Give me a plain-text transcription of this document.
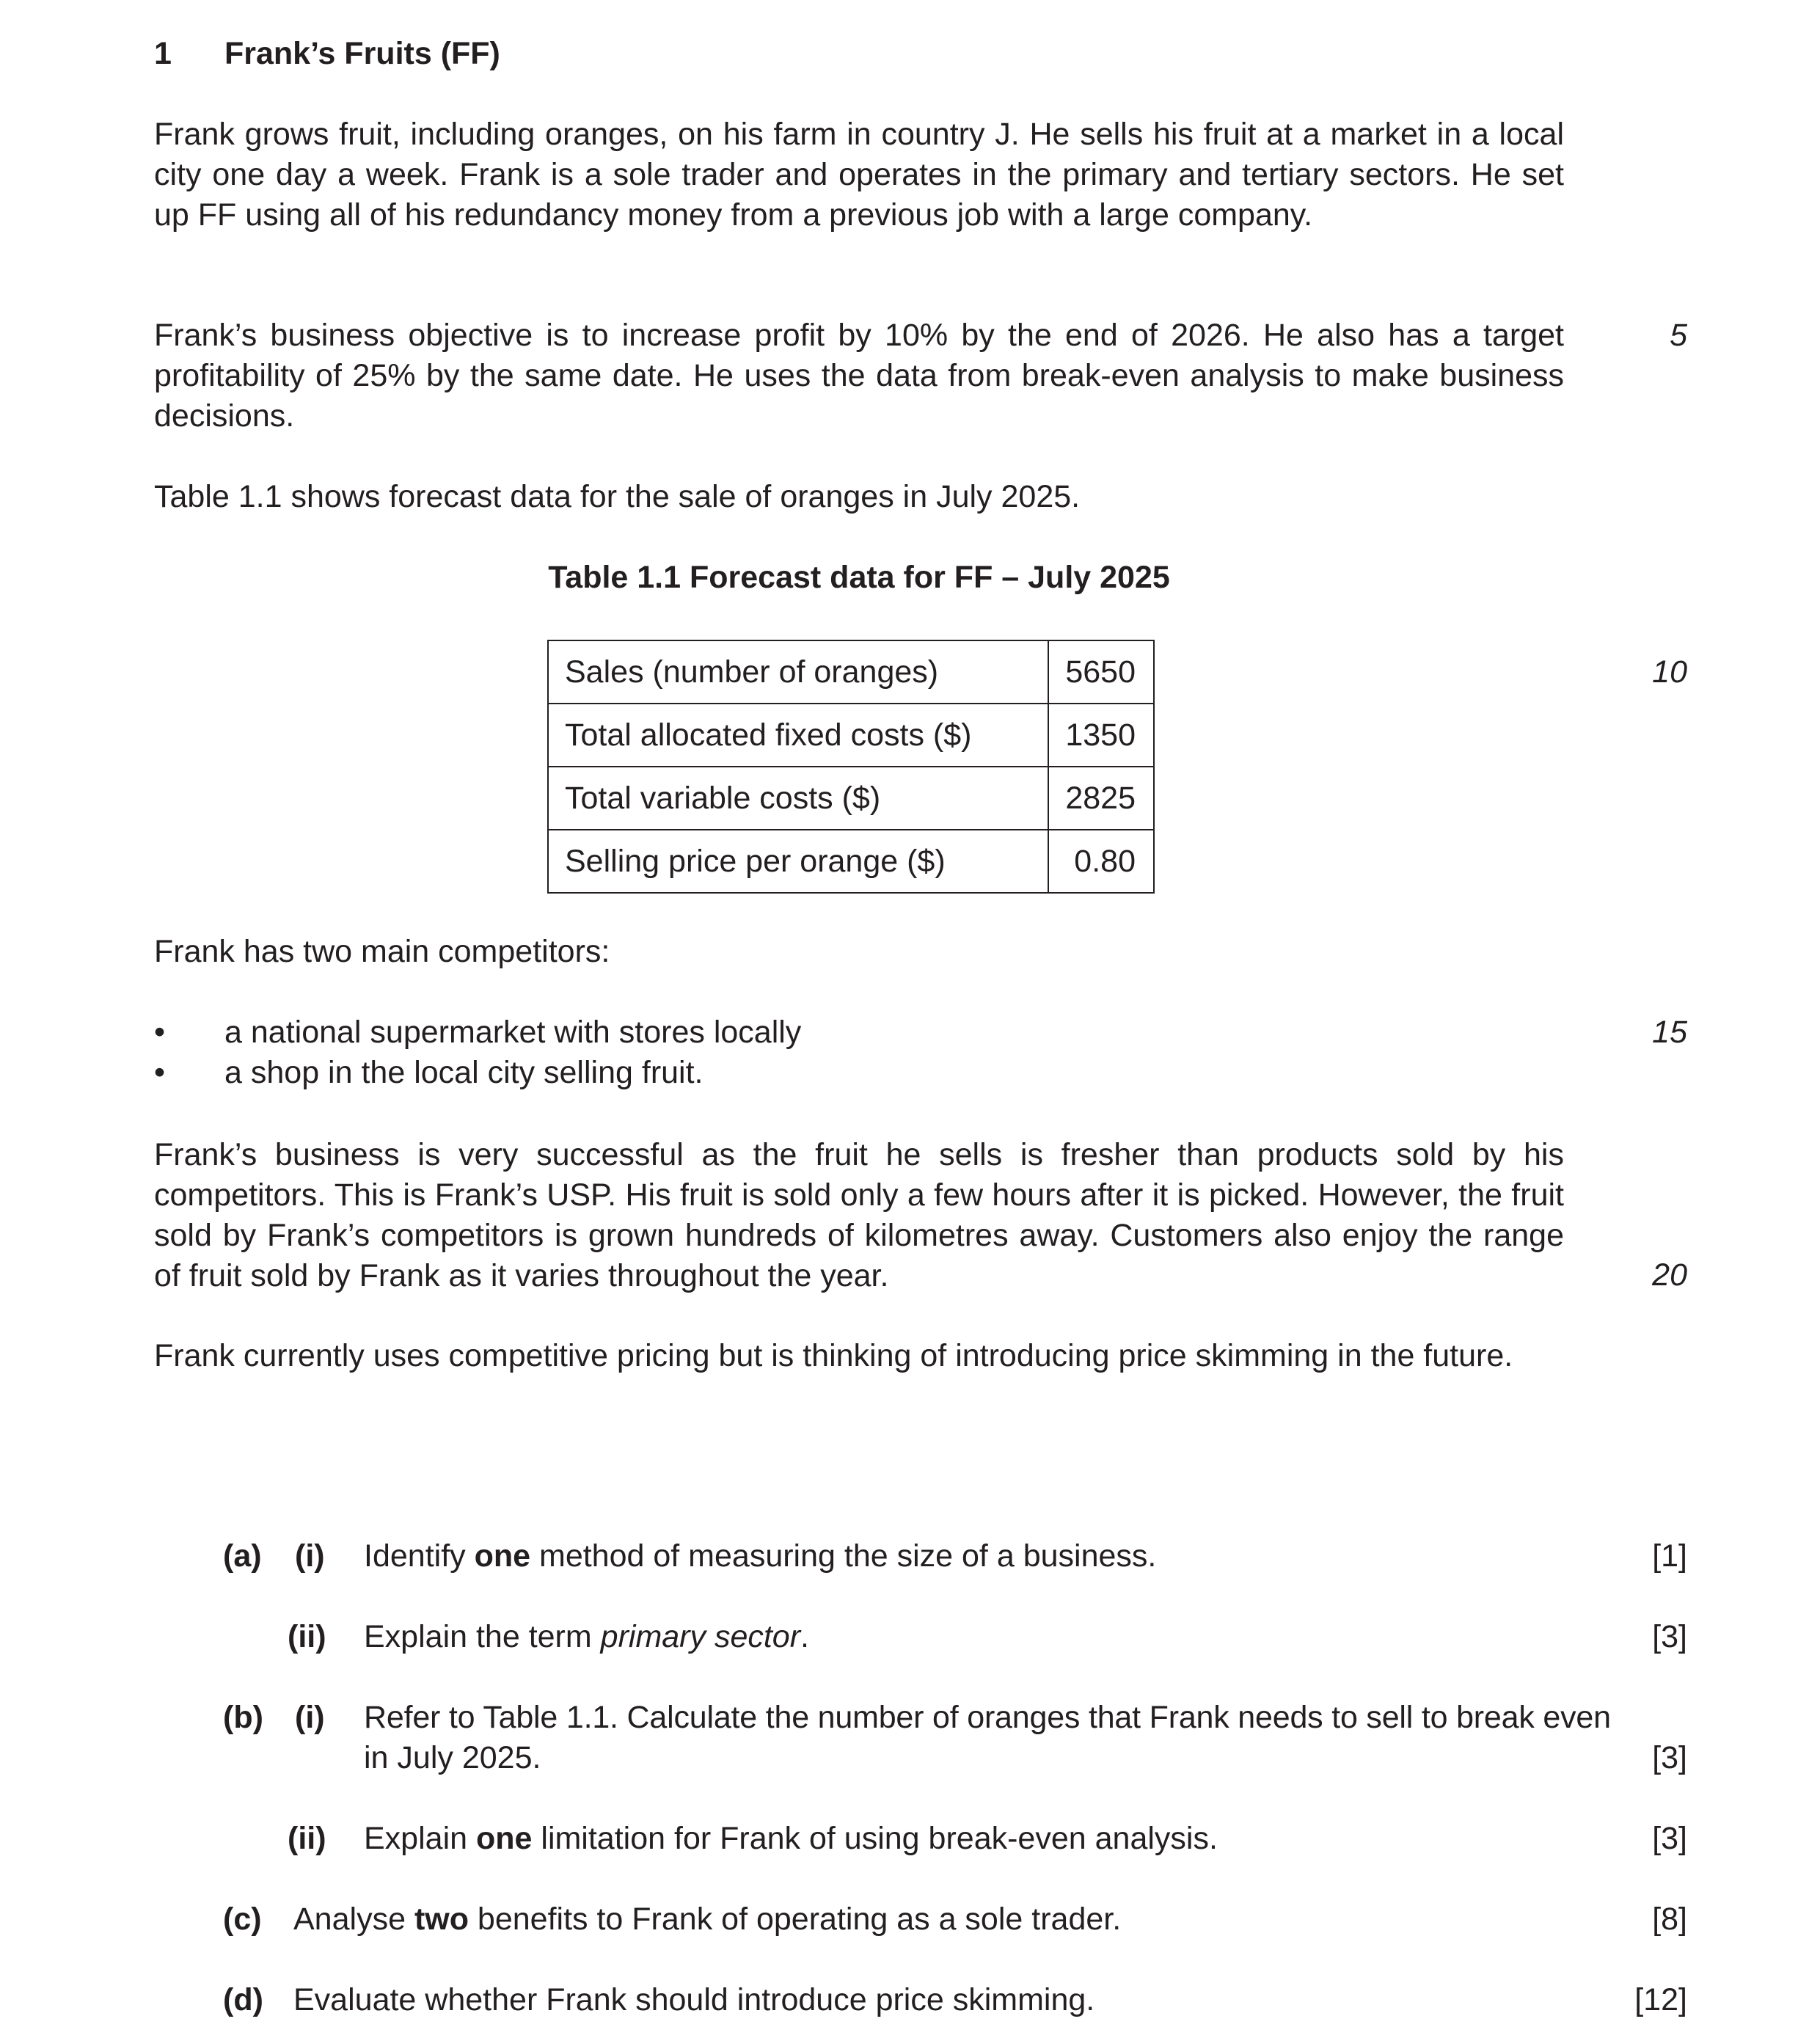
1 Frank’s Fruits (FF)
Frank grows fruit, including oranges, on his farm in country J. He sells his fruit at a market in a local city one day a week. Frank is a sole trader and operates in the primary and tertiary sectors. He set up FF using all of his redundancy money from a previous job with a large company.
Frank’s business objective is to increase profit by 10% by the end of 2026. He also has a target profitability of 25% by the same date. He uses the data from break-even analysis to make business decisions.
Table 1.1 shows forecast data for the sale of oranges in July 2025.
Table 1.1 Forecast data for FF – July 2025
Sales (number of oranges)	5650
Total allocated fixed costs ($)	1350
Total variable costs ($)	2825
Selling price per orange ($)	0.80
Frank has two main competitors:
• a national supermarket with stores locally
• a shop in the local city selling fruit.
Frank’s business is very successful as the fruit he sells is fresher than products sold by his competitors. This is Frank’s USP. His fruit is sold only a few hours after it is picked. However, the fruit sold by Frank’s competitors is grown hundreds of kilometres away. Customers also enjoy the range of fruit sold by Frank as it varies throughout the year.
Frank currently uses competitive pricing but is thinking of introducing price skimming in the future.
5
10
15
20
(a) (i) Identify one method of measuring the size of a business.	[1]
(ii) Explain the term primary sector.	[3]
(b) (i) Refer to Table 1.1. Calculate the number of oranges that Frank needs to sell to break even
in July 2025.	[3]
(ii) Explain one limitation for Frank of using break-even analysis.	[3]
(c) Analyse two benefits to Frank of operating as a sole trader.	[8]
(d) Evaluate whether Frank should introduce price skimming.	[12]
